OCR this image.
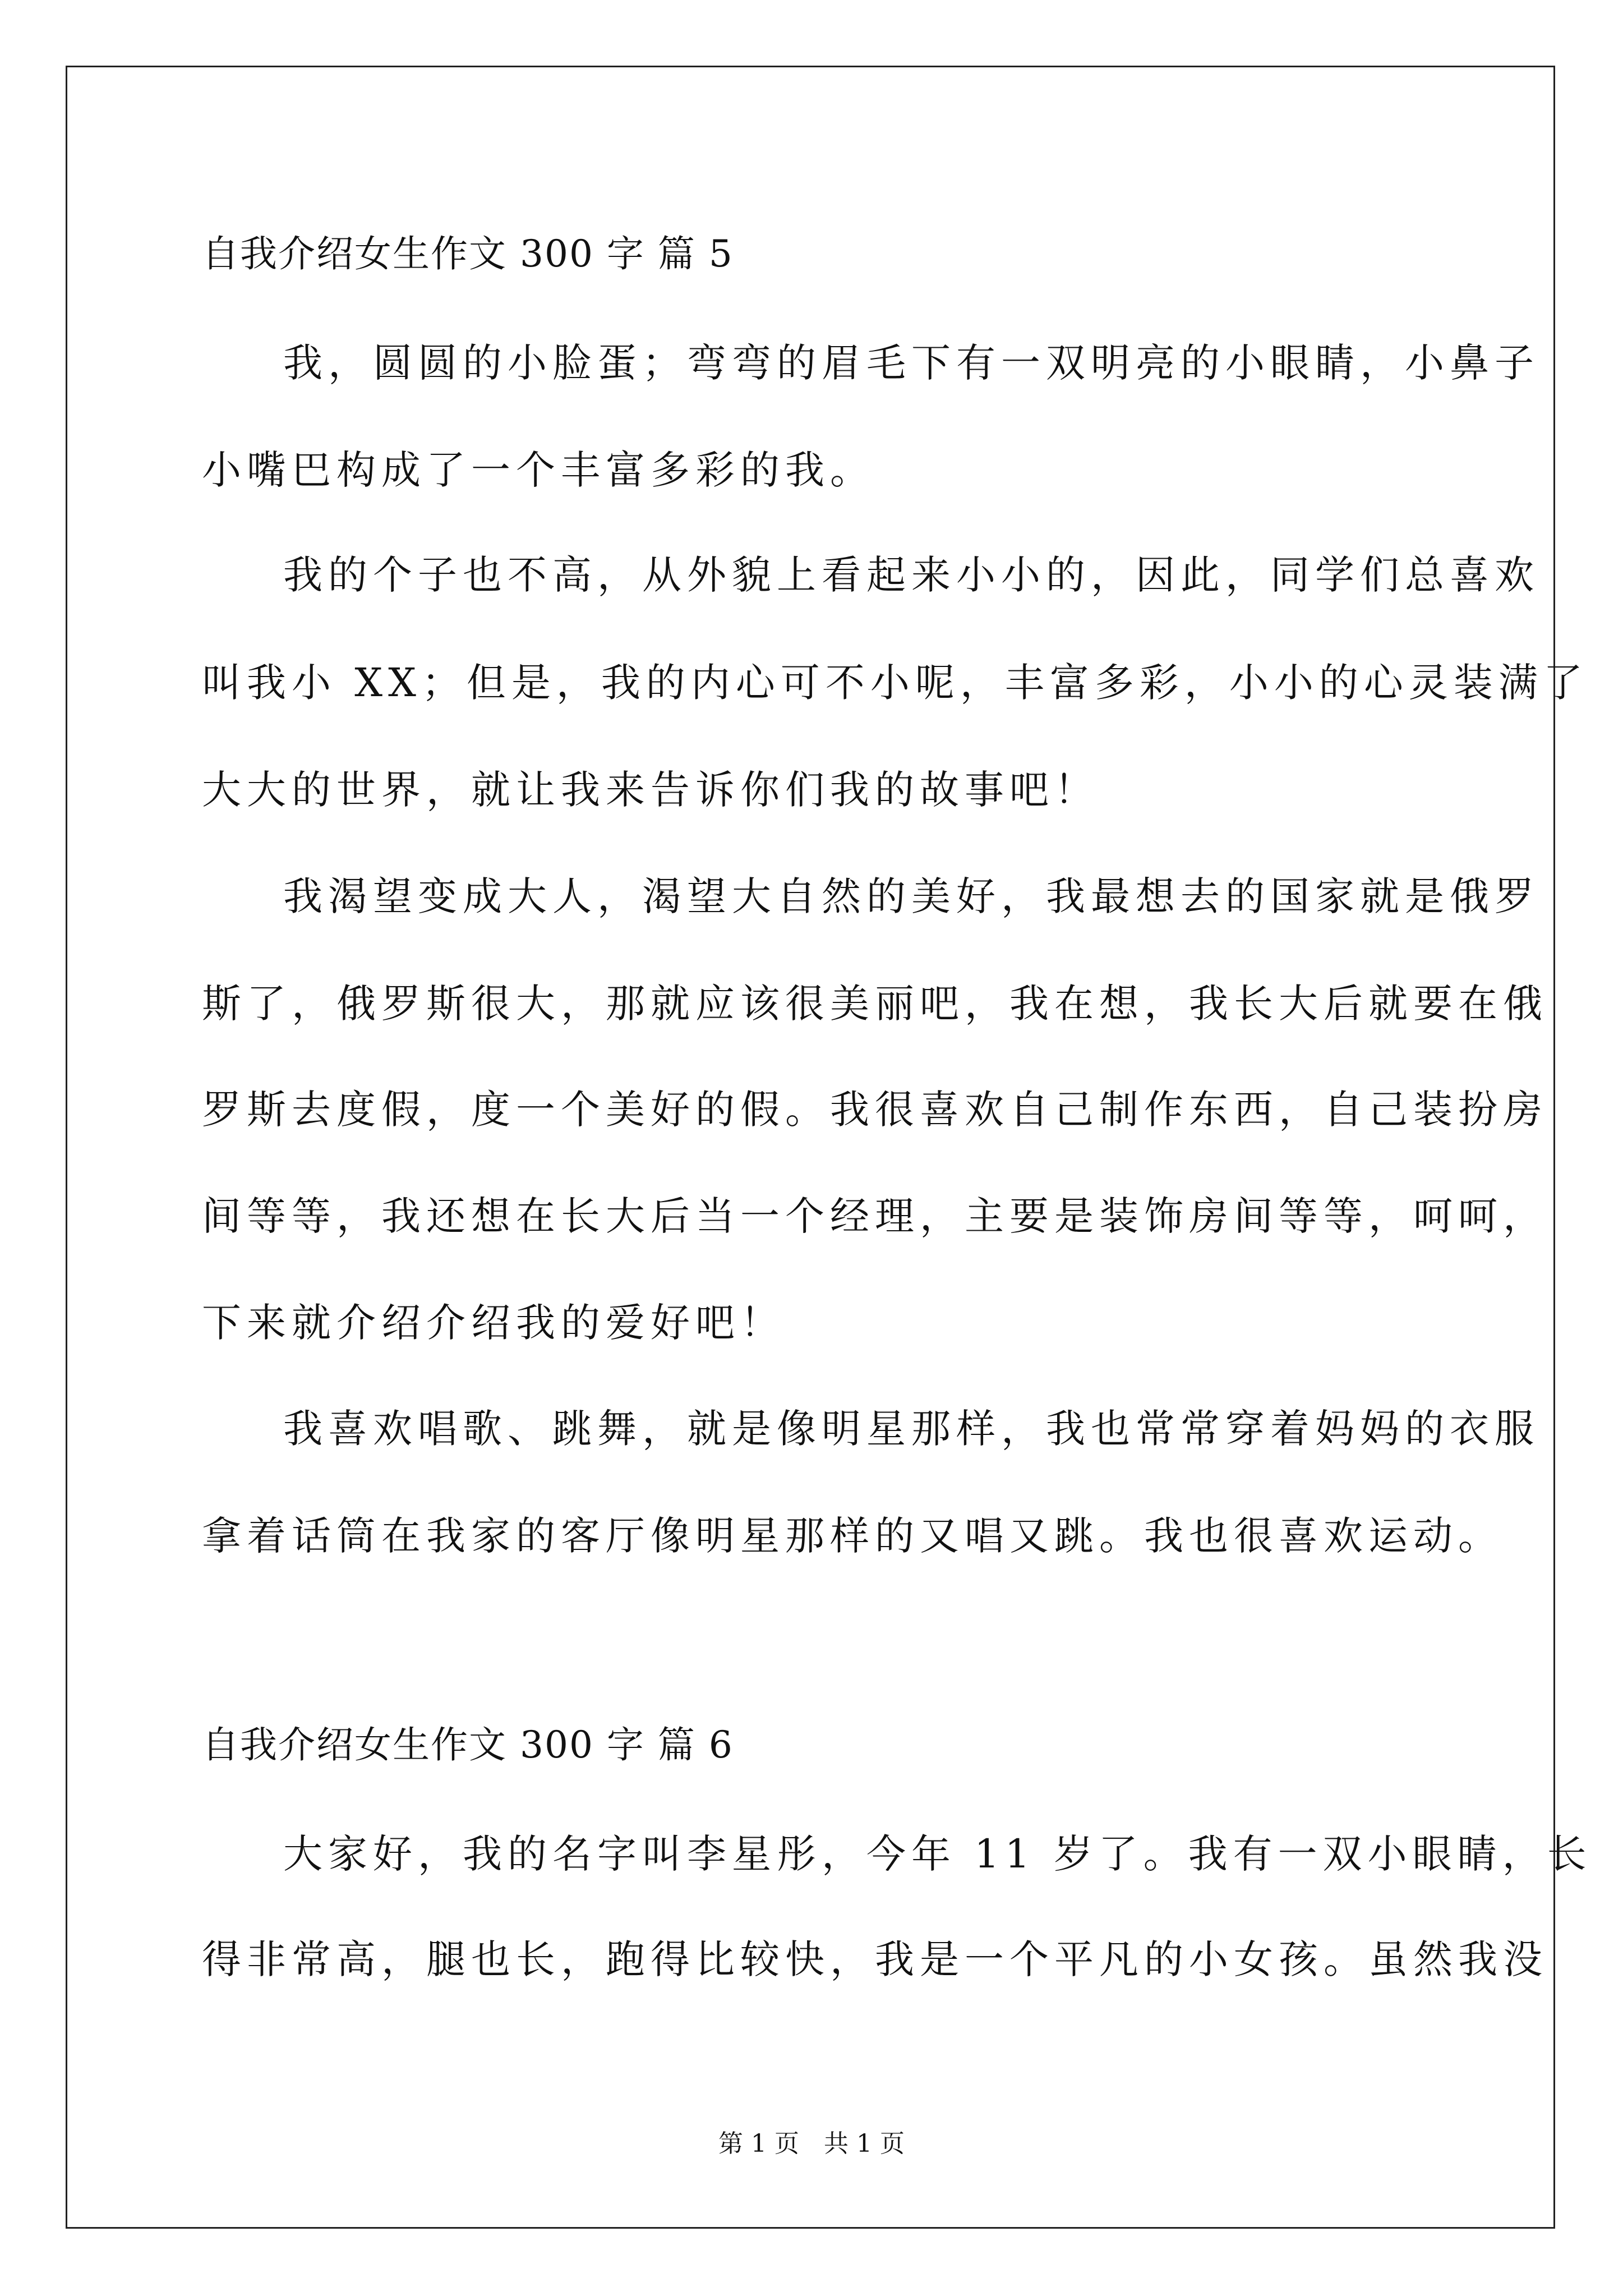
自我介绍女生作文 300 字 篇 5
我，圆圆的小脸蛋；弯弯的眉毛下有一双明亮的小眼睛，小鼻子
小嘴巴构成了一个丰富多彩的我。
我的个子也不高，从外貌上看起来小小的，因此，同学们总喜欢
叫我小 XX；但是，我的内心可不小呢，丰富多彩，小小的心灵装满了
大大的世界，就让我来告诉你们我的故事吧！
我渴望变成大人，渴望大自然的美好，我最想去的国家就是俄罗
斯了，俄罗斯很大，那就应该很美丽吧，我在想，我长大后就要在俄
罗斯去度假，度一个美好的假。我很喜欢自己制作东西，自己装扮房
间等等，我还想在长大后当一个经理，主要是装饰房间等等，呵呵，
下来就介绍介绍我的爱好吧！
我喜欢唱歌、跳舞，就是像明星那样，我也常常穿着妈妈的衣服
拿着话筒在我家的客厅像明星那样的又唱又跳。我也很喜欢运动。
自我介绍女生作文 300 字 篇 6
大家好，我的名字叫李星彤，今年 11 岁了。我有一双小眼睛，长
得非常高，腿也长，跑得比较快，我是一个平凡的小女孩。虽然我没
第 1 页　共 1 页
